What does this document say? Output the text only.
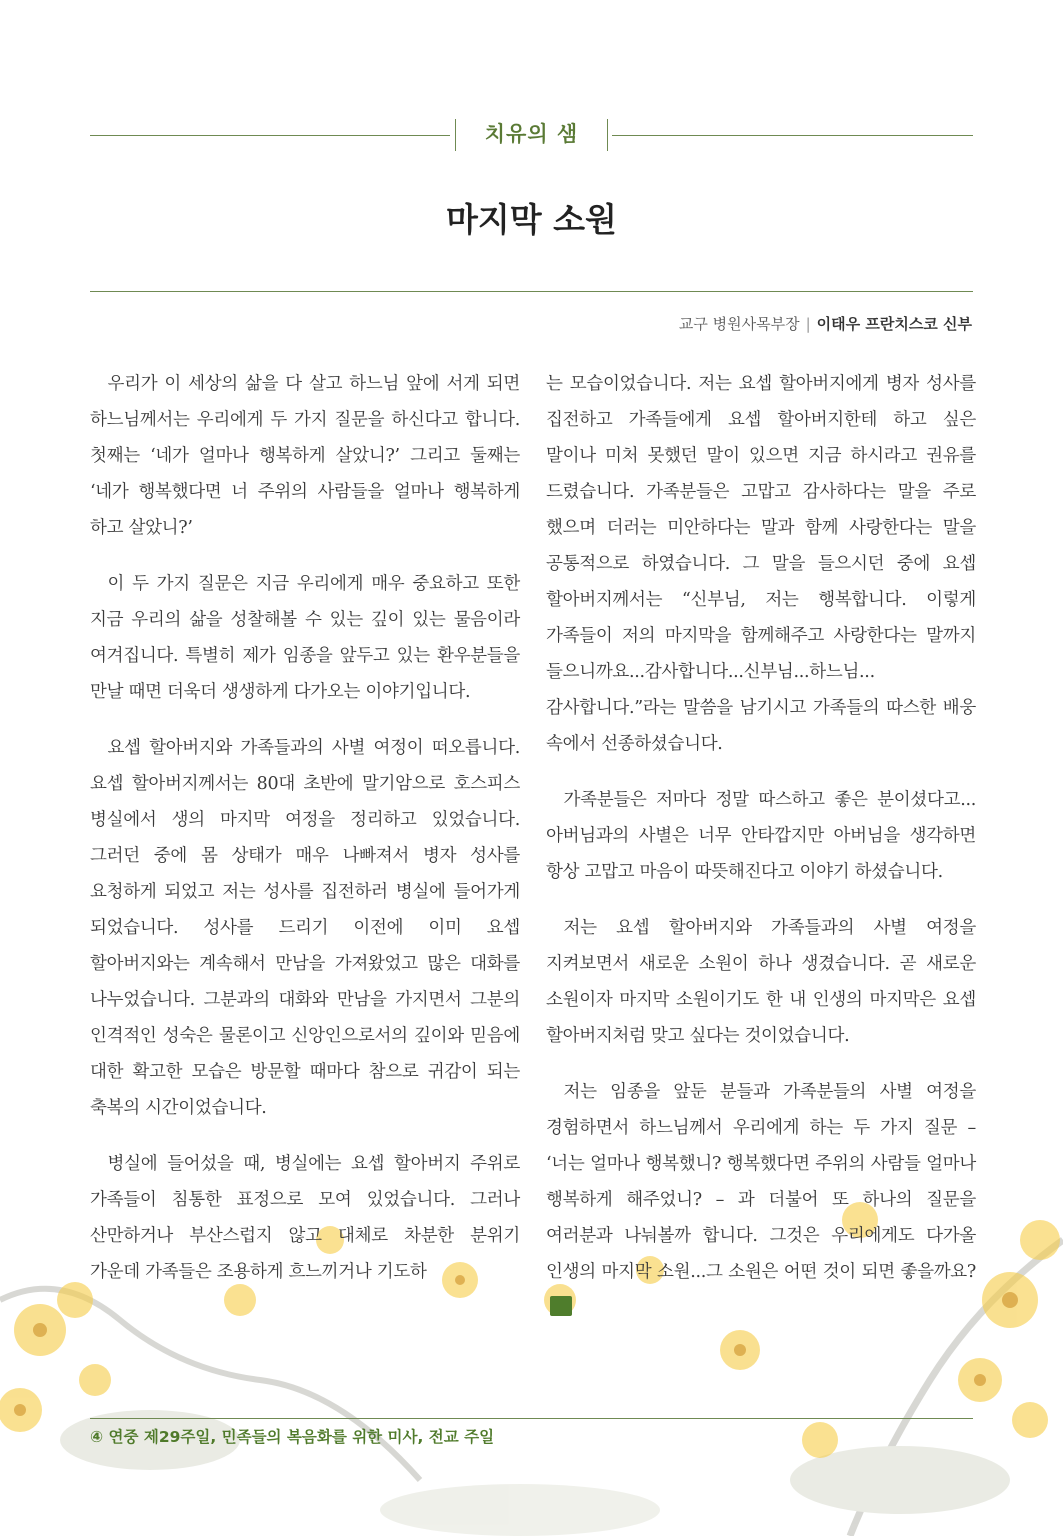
치유의 샘
마지막 소원
교구 병원사목부장 | 이태우 프란치스코 신부

우리가 이 세상의 삶을 다 살고 하느님 앞에 서게 되면 하느님께서는 우리에게 두 가지 질문을 하신다고 합니다. 첫째는 ‘네가 얼마나 행복하게 살았니?’ 그리고 둘째는 ‘네가 행복했다면 너 주위의 사람들을 얼마나 행복하게 하고 살았니?’

이 두 가지 질문은 지금 우리에게 매우 중요하고 또한 지금 우리의 삶을 성찰해볼 수 있는 깊이 있는 물음이라 여겨집니다. 특별히 제가 임종을 앞두고 있는 환우분들을 만날 때면 더욱더 생생하게 다가오는 이야기입니다.

요셉 할아버지와 가족들과의 사별 여정이 떠오릅니다. 요셉 할아버지께서는 80대 초반에 말기암으로 호스피스 병실에서 생의 마지막 여정을 정리하고 있었습니다. 그러던 중에 몸 상태가 매우 나빠져서 병자 성사를 요청하게 되었고 저는 성사를 집전하러 병실에 들어가게 되었습니다. 성사를 드리기 이전에 이미 요셉 할아버지와는 계속해서 만남을 가져왔었고 많은 대화를 나누었습니다. 그분과의 대화와 만남을 가지면서 그분의 인격적인 성숙은 물론이고 신앙인으로서의 깊이와 믿음에 대한 확고한 모습은 방문할 때마다 참으로 귀감이 되는 축복의 시간이었습니다.

병실에 들어섰을 때, 병실에는 요셉 할아버지 주위로 가족들이 침통한 표정으로 모여 있었습니다. 그러나 산만하거나 부산스럽지 않고 대체로 차분한 분위기 가운데 가족들은 조용하게 흐느끼거나 기도하

는 모습이었습니다. 저는 요셉 할아버지에게 병자 성사를 집전하고 가족들에게 요셉 할아버지한테 하고 싶은 말이나 미처 못했던 말이 있으면 지금 하시라고 권유를 드렸습니다. 가족분들은 고맙고 감사하다는 말을 주로 했으며 더러는 미안하다는 말과 함께 사랑한다는 말을 공통적으로 하였습니다. 그 말을 들으시던 중에 요셉 할아버지께서는 “신부님, 저는 행복합니다. 이렇게 가족들이 저의 마지막을 함께해주고 사랑한다는 말까지 들으니까요...감사합니다...신부님...하느님...감사합니다.”라는 말씀을 남기시고 가족들의 따스한 배웅 속에서 선종하셨습니다.

가족분들은 저마다 정말 따스하고 좋은 분이셨다고...아버님과의 사별은 너무 안타깝지만 아버님을 생각하면 항상 고맙고 마음이 따뜻해진다고 이야기 하셨습니다.

저는 요셉 할아버지와 가족들과의 사별 여정을 지켜보면서 새로운 소원이 하나 생겼습니다. 곧 새로운 소원이자 마지막 소원이기도 한 내 인생의 마지막은 요셉 할아버지처럼 맞고 싶다는 것이었습니다.

저는 임종을 앞둔 분들과 가족분들의 사별 여정을 경험하면서 하느님께서 우리에게 하는 두 가지 질문 – ‘너는 얼마나 행복했니? 행복했다면 주위의 사람들 얼마나 행복하게 해주었니? – 과 더불어 또 하나의 질문을 여러분과 나눠볼까 합니다. 그것은 우리에게도 다가올 인생의 마지막 소원...그 소원은 어떤 것이 되면 좋을까요?

④ 연중 제29주일, 민족들의 복음화를 위한 미사, 전교 주일
